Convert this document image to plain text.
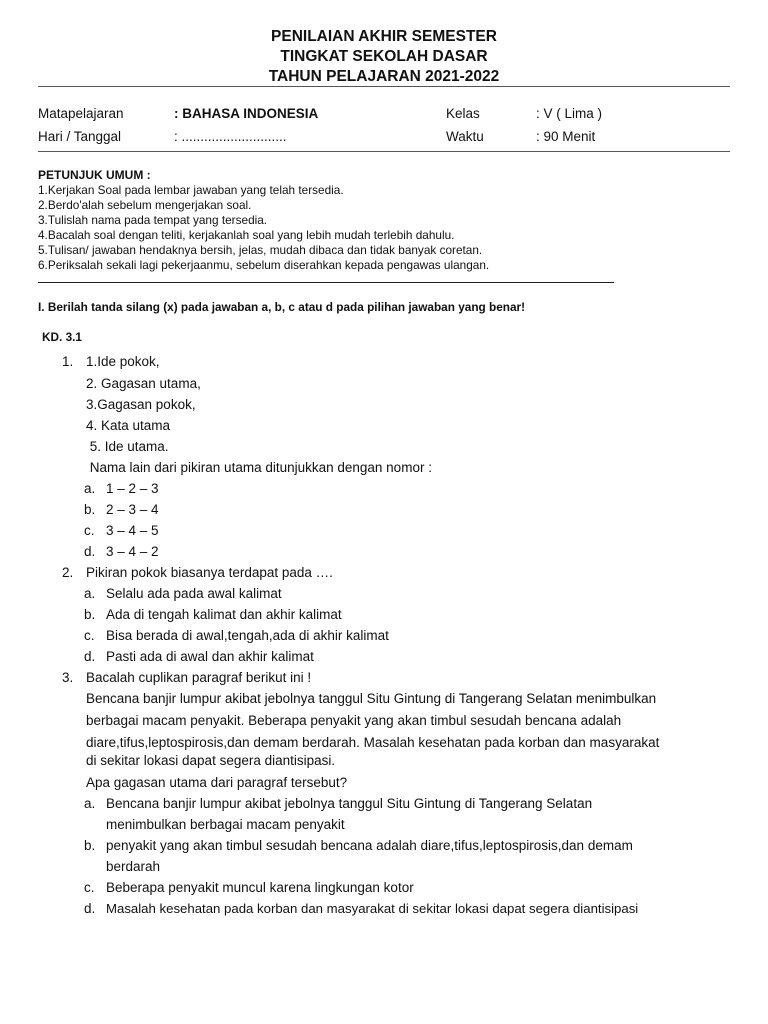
PENILAIAN AKHIR SEMESTER
TINGKAT SEKOLAH DASAR
TAHUN PELAJARAN 2021-2022
Matapelajaran	: BAHASA INDONESIA	Kelas	: V ( Lima )
Hari / Tanggal	: ............................	Waktu	: 90 Menit
PETUNJUK UMUM :
1.Kerjakan Soal pada lembar jawaban yang telah tersedia.
2.Berdo'alah sebelum mengerjakan soal.
3.Tulislah nama pada tempat yang tersedia.
4.Bacalah soal dengan teliti, kerjakanlah soal yang lebih mudah terlebih dahulu.
5.Tulisan/ jawaban hendaknya bersih, jelas, mudah dibaca dan tidak banyak coretan.
6.Periksalah sekali lagi pekerjaanmu, sebelum diserahkan kepada pengawas ulangan.
I. Berilah tanda silang (x) pada jawaban a, b, c atau d pada pilihan jawaban yang benar!
KD. 3.1
1. 1.Ide pokok,
2. Gagasan utama,
3.Gagasan pokok,
4. Kata utama
5. Ide utama.
Nama lain dari pikiran utama ditunjukkan dengan nomor :
a. 1 – 2 – 3
b. 2 – 3 – 4
c. 3 – 4 – 5
d. 3 – 4 – 2
2. Pikiran pokok biasanya terdapat pada ….
a. Selalu ada pada awal kalimat
b. Ada di tengah kalimat dan akhir kalimat
c. Bisa berada di awal,tengah,ada di akhir kalimat
d. Pasti ada di awal dan akhir kalimat
3. Bacalah cuplikan paragraf berikut ini !
Bencana banjir lumpur akibat jebolnya tanggul Situ Gintung di Tangerang Selatan menimbulkan
berbagai macam penyakit. Beberapa penyakit yang akan timbul sesudah bencana adalah
diare,tifus,leptospirosis,dan demam berdarah. Masalah kesehatan pada korban dan masyarakat
di sekitar lokasi dapat segera diantisipasi.
Apa gagasan utama dari paragraf tersebut?
a. Bencana banjir lumpur akibat jebolnya tanggul Situ Gintung di Tangerang Selatan
menimbulkan berbagai macam penyakit
b. penyakit yang akan timbul sesudah bencana adalah diare,tifus,leptospirosis,dan demam
berdarah
c. Beberapa penyakit muncul karena lingkungan kotor
d. Masalah kesehatan pada korban dan masyarakat di sekitar lokasi dapat segera diantisipasi
